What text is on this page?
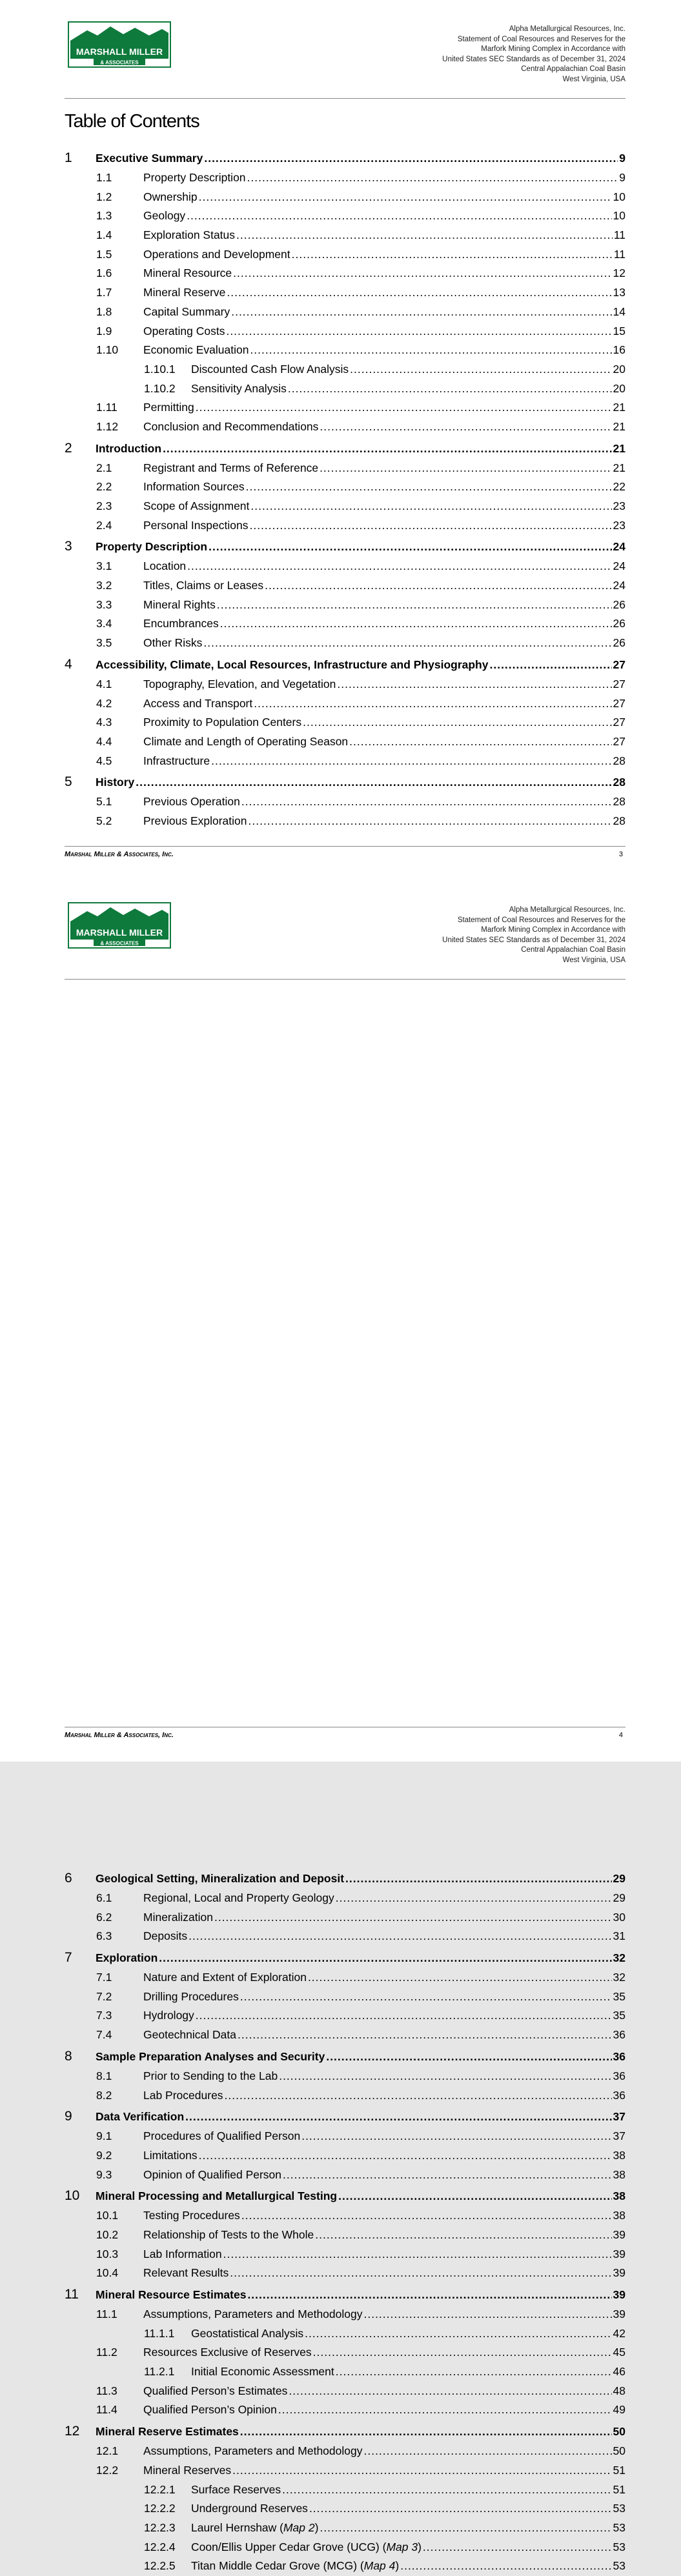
MARSHALL MILLER
& ASSOCIATES
Alpha Metallurgical Resources, Inc.
Statement of Coal Resources and Reserves for the
Marfork Mining Complex in Accordance with
United States SEC Standards as of December 31, 2024
Central Appalachian Coal Basin
West Virginia, USA
Table of Contents
1	Executive Summary .....	9
1.1	Property Description .....	9
1.2	Ownership .....	10
1.3	Geology .....	10
1.4	Exploration Status .....	11
1.5	Operations and Development .....	11
1.6	Mineral Resource .....	12
1.7	Mineral Reserve .....	13
1.8	Capital Summary .....	14
1.9	Operating Costs .....	15
1.10	Economic Evaluation .....	16
1.10.1	Discounted Cash Flow Analysis .....	20
1.10.2	Sensitivity Analysis .....	20
1.11	Permitting .....	21
1.12	Conclusion and Recommendations .....	21
2	Introduction .....	21
2.1	Registrant and Terms of Reference .....	21
2.2	Information Sources .....	22
2.3	Scope of Assignment .....	23
2.4	Personal Inspections .....	23
3	Property Description .....	24
3.1	Location .....	24
3.2	Titles, Claims or Leases .....	24
3.3	Mineral Rights .....	26
3.4	Encumbrances .....	26
3.5	Other Risks .....	26
4	Accessibility, Climate, Local Resources, Infrastructure and Physiography .....	27
4.1	Topography, Elevation, and Vegetation .....	27
4.2	Access and Transport .....	27
4.3	Proximity to Population Centers .....	27
4.4	Climate and Length of Operating Season .....	27
4.5	Infrastructure .....	28
5	History .....	28
5.1	Previous Operation .....	28
5.2	Previous Exploration .....	28
Marshal Miller & Associates, Inc.	3
MARSHALL MILLER
& ASSOCIATES
Alpha Metallurgical Resources, Inc.
Statement of Coal Resources and Reserves for the
Marfork Mining Complex in Accordance with
United States SEC Standards as of December 31, 2024
Central Appalachian Coal Basin
West Virginia, USA
6	Geological Setting, Mineralization and Deposit .....	29
6.1	Regional, Local and Property Geology .....	29
6.2	Mineralization .....	30
6.3	Deposits .....	31
7	Exploration .....	32
7.1	Nature and Extent of Exploration .....	32
7.2	Drilling Procedures .....	35
7.3	Hydrology .....	35
7.4	Geotechnical Data .....	36
8	Sample Preparation Analyses and Security .....	36
8.1	Prior to Sending to the Lab .....	36
8.2	Lab Procedures .....	36
9	Data Verification .....	37
9.1	Procedures of Qualified Person .....	37
9.2	Limitations .....	38
9.3	Opinion of Qualified Person .....	38
10	Mineral Processing and Metallurgical Testing .....	38
10.1	Testing Procedures .....	38
10.2	Relationship of Tests to the Whole .....	39
10.3	Lab Information .....	39
10.4	Relevant Results .....	39
11	Mineral Resource Estimates .....	39
11.1	Assumptions, Parameters and Methodology .....	39
11.1.1	Geostatistical Analysis .....	42
11.2	Resources Exclusive of Reserves .....	45
11.2.1	Initial Economic Assessment .....	46
11.3	Qualified Person’s Estimates .....	48
11.4	Qualified Person’s Opinion .....	49
12	Mineral Reserve Estimates .....	50
12.1	Assumptions, Parameters and Methodology .....	50
12.2	Mineral Reserves .....	51
12.2.1	Surface Reserves .....	51
12.2.2	Underground Reserves .....	53
12.2.3	Laurel Hernshaw (Map 2) .....	53
12.2.4	Coon/Ellis Upper Cedar Grove (UCG) (Map 3) .....	53
12.2.5	Titan Middle Cedar Grove (MCG) (Map 4) .....	53
Marshal Miller & Associates, Inc.	4
